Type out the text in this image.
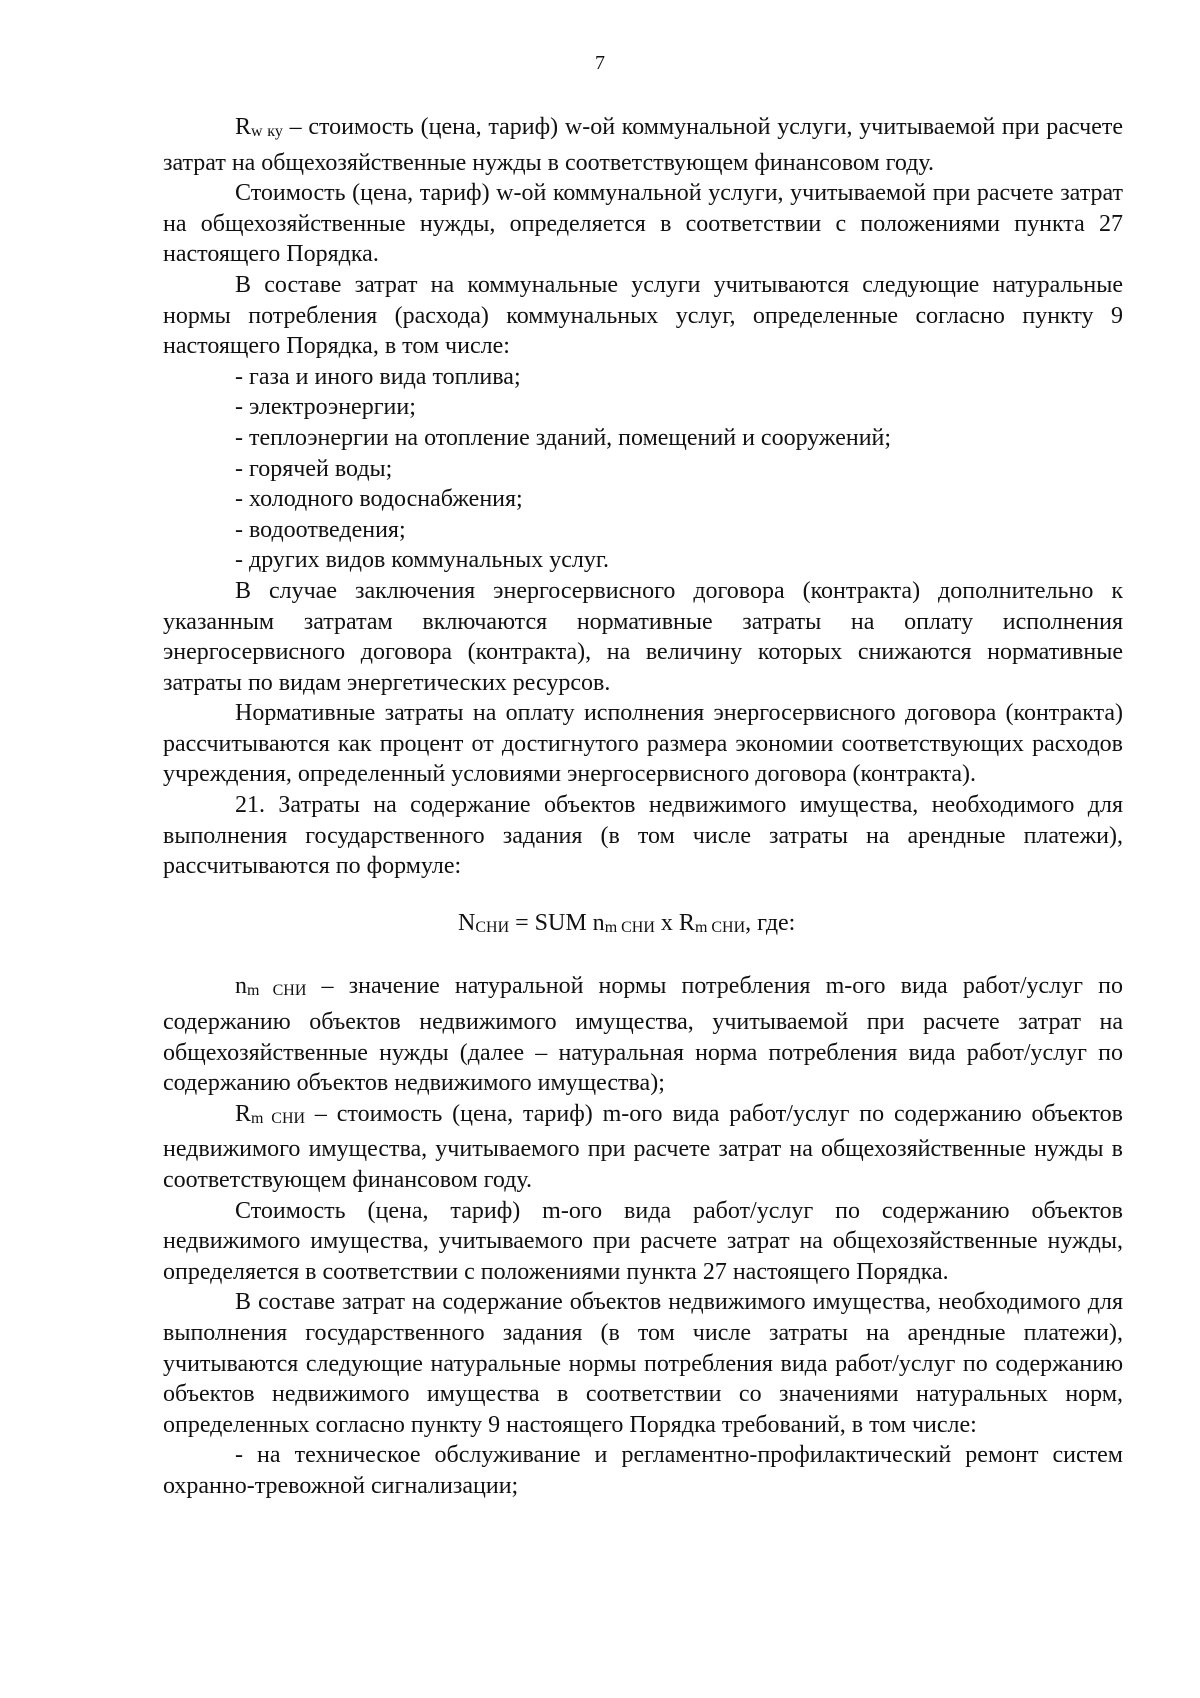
7

Rw ку – стоимость (цена, тариф) w-ой коммунальной услуги, учитываемой при расчете затрат на общехозяйственные нужды в соответствующем финансовом году.

Стоимость (цена, тариф) w-ой коммунальной услуги, учитываемой при расчете затрат на общехозяйственные нужды, определяется в соответствии с положениями пункта 27 настоящего Порядка.

В составе затрат на коммунальные услуги учитываются следующие натуральные нормы потребления (расхода) коммунальных услуг, определенные согласно пункту 9 настоящего Порядка, в том числе:

- газа и иного вида топлива;

- электроэнергии;

- теплоэнергии на отопление зданий, помещений и сооружений;

- горячей воды;

- холодного водоснабжения;

- водоотведения;

- других видов коммунальных услуг.

В случае заключения энергосервисного договора (контракта) дополнительно к указанным затратам включаются нормативные затраты на оплату исполнения энергосервисного договора (контракта), на величину которых снижаются нормативные затраты по видам энергетических ресурсов.

Нормативные затраты на оплату исполнения энергосервисного договора (контракта) рассчитываются как процент от достигнутого размера экономии соответствующих расходов учреждения, определенный условиями энергосервисного договора (контракта).

21. Затраты на содержание объектов недвижимого имущества, необходимого для выполнения государственного задания (в том числе затраты на арендные платежи), рассчитываются по формуле:

NСНИ = SUM nm СНИ x Rm СНИ, где:

nm СНИ – значение натуральной нормы потребления m-ого вида работ/услуг по содержанию объектов недвижимого имущества, учитываемой при расчете затрат на общехозяйственные нужды (далее – натуральная норма потребления вида работ/услуг по содержанию объектов недвижимого имущества);

Rm СНИ – стоимость (цена, тариф) m-ого вида работ/услуг по содержанию объектов недвижимого имущества, учитываемого при расчете затрат на общехозяйственные нужды в соответствующем финансовом году.

Стоимость (цена, тариф) m-ого вида работ/услуг по содержанию объектов недвижимого имущества, учитываемого при расчете затрат на общехозяйственные нужды, определяется в соответствии с положениями пункта 27 настоящего Порядка.

В составе затрат на содержание объектов недвижимого имущества, необходимого для выполнения государственного задания (в том числе затраты на арендные платежи), учитываются следующие натуральные нормы потребления вида работ/услуг по содержанию объектов недвижимого имущества в соответствии со значениями натуральных норм, определенных согласно пункту 9 настоящего Порядка требований, в том числе:

- на техническое обслуживание и регламентно-профилактический ремонт систем охранно-тревожной сигнализации;
